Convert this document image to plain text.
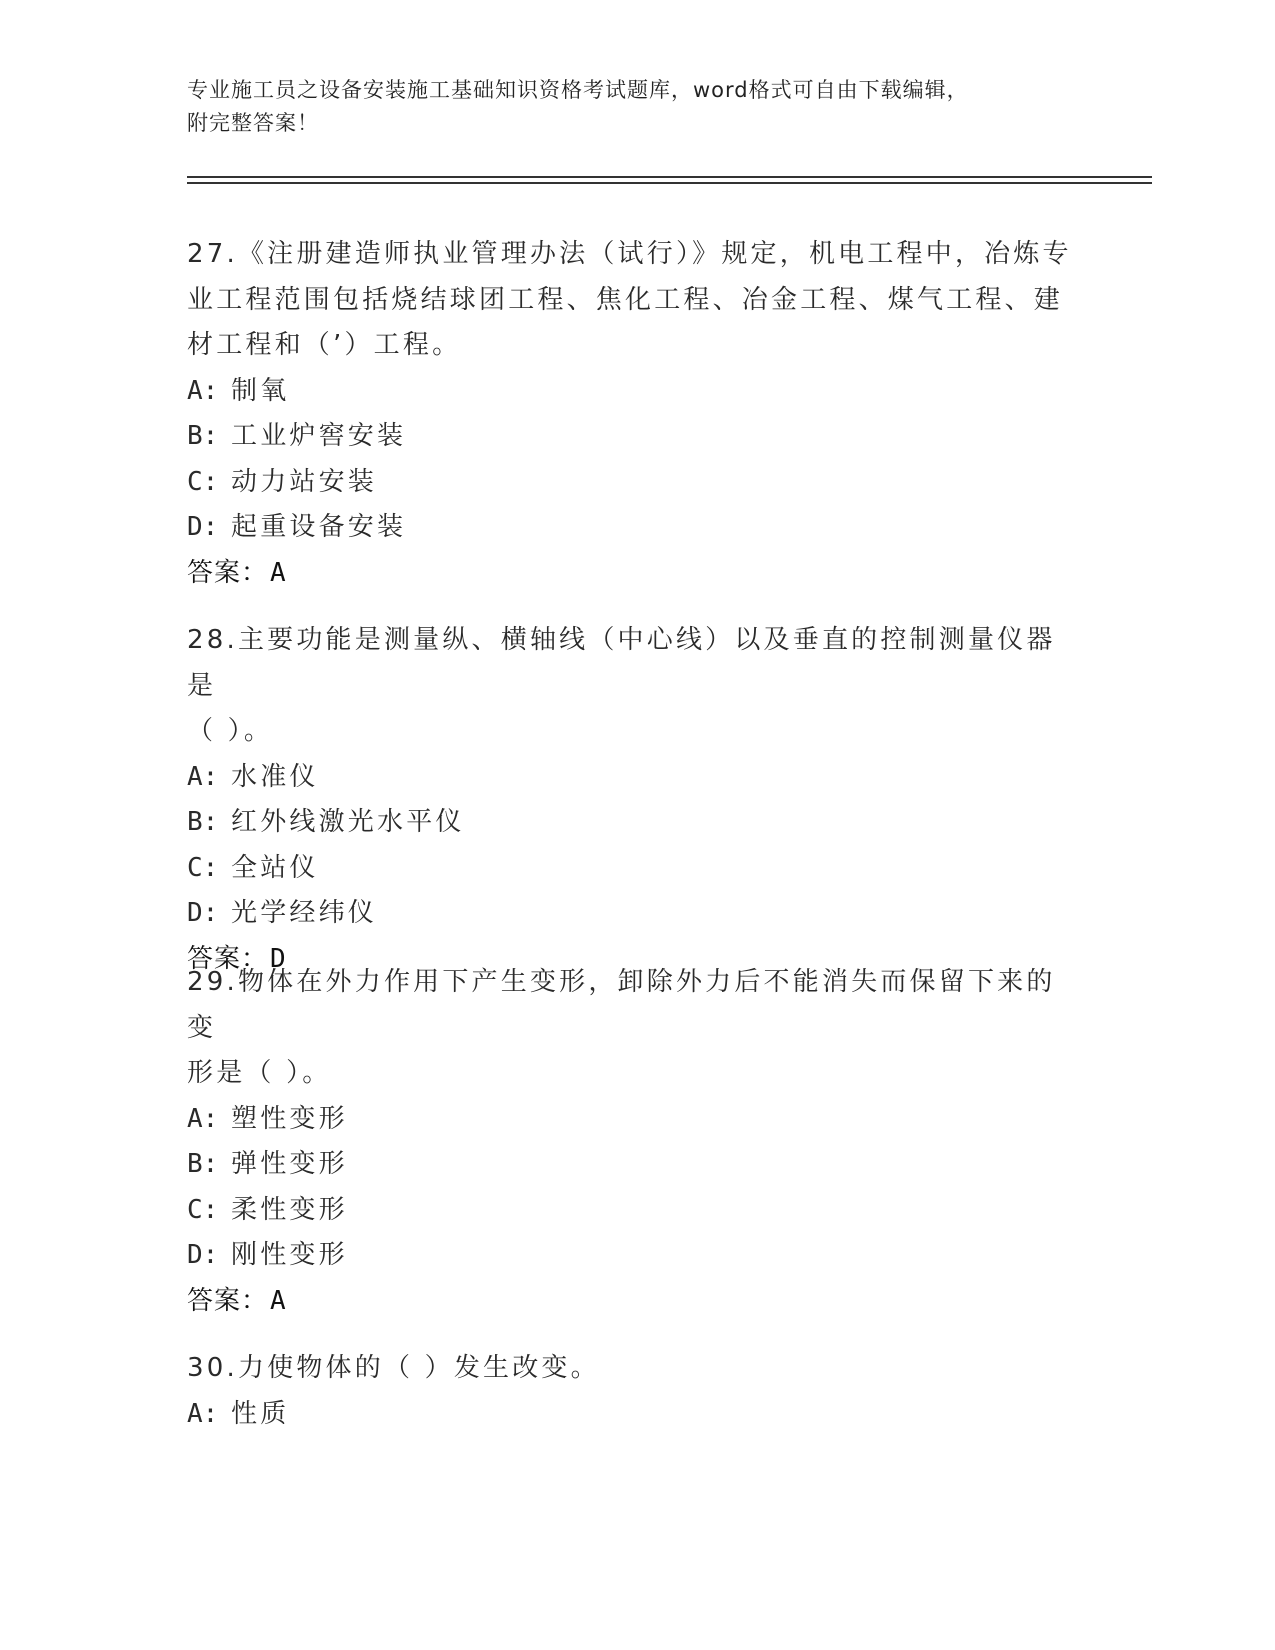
专业施工员之设备安装施工基础知识资格考试题库，word格式可自由下载编辑，
附完整答案！

27.《注册建造师执业管理办法（试行）》规定，机电工程中，冶炼专

业工程范围包括烧结球团工程、焦化工程、冶金工程、煤气工程、建

材工程和（’）工程。

A: 制氧

B: 工业炉窖安装

C: 动力站安装

D: 起重设备安装

答案：A

28.主要功能是测量纵、横轴线（中心线）以及垂直的控制测量仪器是

（ ）。

A: 水准仪

B: 红外线激光水平仪

C: 全站仪

D: 光学经纬仪

答案：D

29.物体在外力作用下产生变形，卸除外力后不能消失而保留下来的变

形是（ ）。

A: 塑性变形

B: 弹性变形

C: 柔性变形

D: 刚性变形

答案：A

30.力使物体的（ ）发生改变。

A: 性质
